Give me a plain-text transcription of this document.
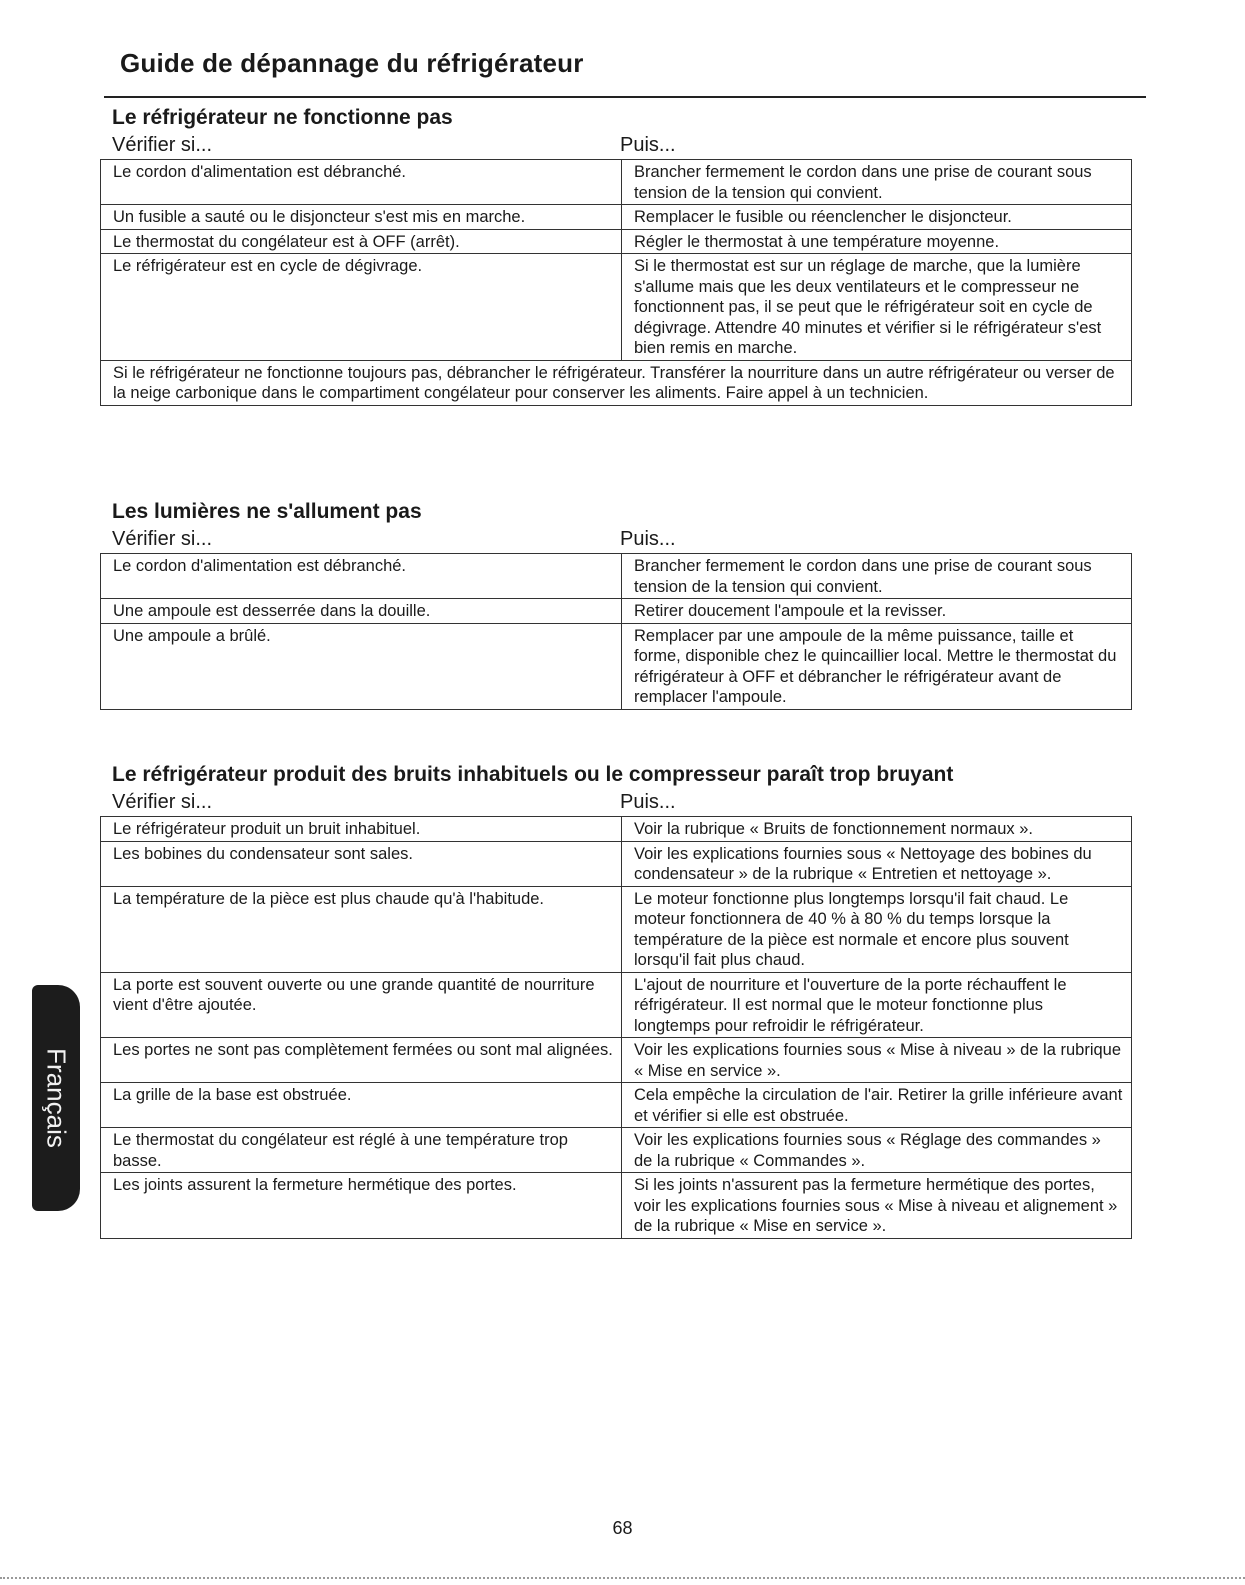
Guide de dépannage du réfrigérateur
Le réfrigérateur ne fonctionne pas
Vérifier si...	Puis...
Le cordon d'alimentation est débranché.	Brancher fermement le cordon dans une prise de courant sous tension de la tension qui convient.
Un fusible a sauté ou le disjoncteur s'est mis en marche.	Remplacer le fusible ou réenclencher le disjoncteur.
Le thermostat du congélateur est à OFF (arrêt).	Régler le thermostat à une température moyenne.
Le réfrigérateur est en cycle de dégivrage.	Si le thermostat est sur un réglage de marche, que la lumière s'allume mais que les deux ventilateurs et le compresseur ne fonctionnent pas, il se peut que le réfrigérateur soit en cycle de dégivrage. Attendre 40 minutes et vérifier si le réfrigérateur s'est bien remis en marche.
Si le réfrigérateur ne fonctionne toujours pas, débrancher le réfrigérateur. Transférer la nourriture dans un autre réfrigérateur ou verser de la neige carbonique dans le compartiment congélateur pour conserver les aliments. Faire appel à un technicien.	
Les lumières ne s'allument pas
Vérifier si...	Puis...
Le cordon d'alimentation est débranché.	Brancher fermement le cordon dans une prise de courant sous tension de la tension qui convient.
Une ampoule est desserrée dans la douille.	Retirer doucement l'ampoule et la revisser.
Une ampoule a brûlé.	Remplacer par une ampoule de la même puissance, taille et forme, disponible chez le quincaillier local. Mettre le thermostat du réfrigérateur à OFF et débrancher le réfrigérateur avant de remplacer l'ampoule.
Le réfrigérateur produit des bruits inhabituels ou le compresseur paraît trop bruyant
Vérifier si...	Puis...
Le réfrigérateur produit un bruit inhabituel.	Voir la rubrique « Bruits de fonctionnement normaux ».
Les bobines du condensateur sont sales.	Voir les explications fournies sous « Nettoyage des bobines du condensateur » de la rubrique « Entretien et nettoyage ».
La température de la pièce est plus chaude qu'à l'habitude.	Le moteur fonctionne plus longtemps lorsqu'il fait chaud. Le moteur fonctionnera de 40 % à 80 % du temps lorsque la température de la pièce est normale et encore plus souvent lorsqu'il fait plus chaud.
La porte est souvent ouverte ou une grande quantité de nourriture vient d'être ajoutée.	L'ajout de nourriture et l'ouverture de la porte réchauffent le réfrigérateur. Il est normal que le moteur fonctionne plus longtemps pour refroidir le réfrigérateur.
Les portes ne sont pas complètement fermées ou sont mal alignées.	Voir les explications fournies sous « Mise à niveau » de la rubrique « Mise en service ».
La grille de la base est obstruée.	Cela empêche la circulation de l'air. Retirer la grille inférieure avant et vérifier si elle est obstruée.
Le thermostat du congélateur est réglé à une température trop basse.	Voir les explications fournies sous « Réglage des commandes » de la rubrique « Commandes ».
Les joints assurent la fermeture hermétique des portes.	Si les joints n'assurent pas la fermeture hermétique des portes, voir les explications fournies sous « Mise à niveau et alignement » de la rubrique « Mise en service ».
Français
68
